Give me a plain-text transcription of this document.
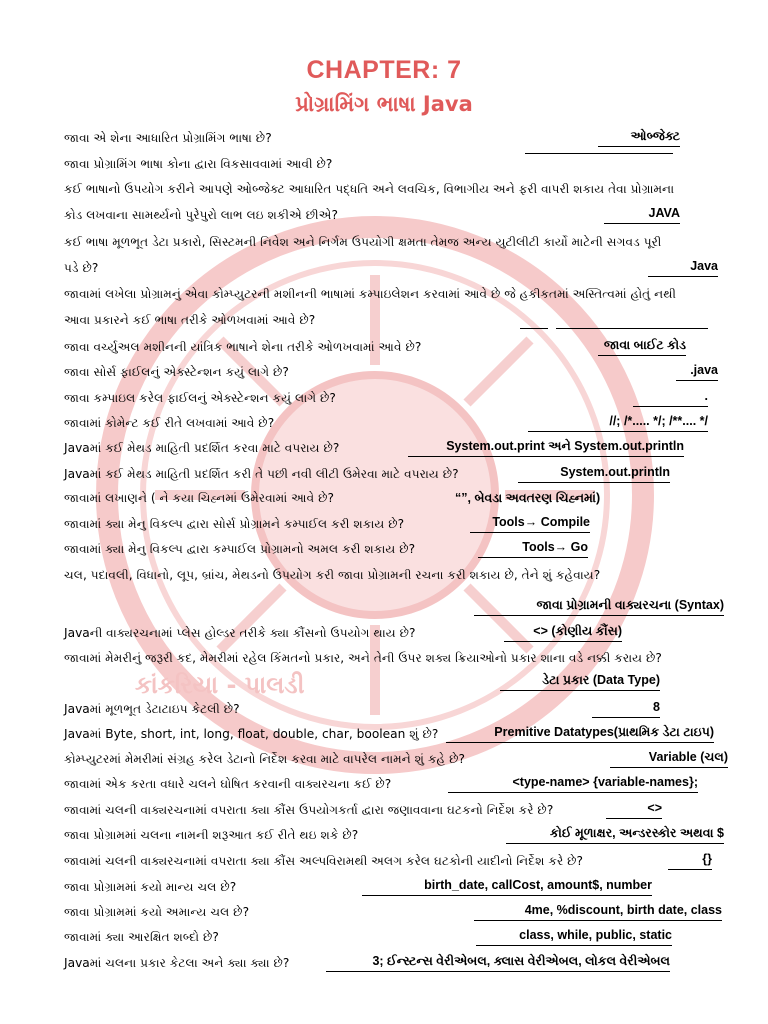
કાંકરિયા - પાલડી
CHAPTER: 7
પ્રોગ્રામિંગ ભાષા Java
જાવા એ શેના આધારિત પ્રોગ્રામિંગ ભાષા છે?	ઓબ્જેક્ટ
જાવા પ્રોગ્રામિંગ ભાષા કોના દ્વારા વિકસાવવામાં આવી છે?
કઈ ભાષાનો ઉપયોગ કરીને આપણે ઓબ્જેક્ટ આધારિત પદ્ધતિ અને લવચિક, વિભાગીય અને ફરી વાપરી શકાય તેવા પ્રોગ્રામના
કોડ લખવાના સામર્થ્યનો પુરેપુરો લાભ લઇ શકીએ છીએ?	JAVA
કઈ ભાષા મૂળભૂત ડેટા પ્રકારો, સિસ્ટમની નિવેશ અને નિર્ગમ ઉપયોગી ક્ષમતા તેમજ અન્ય યુટીલીટી કાર્યો માટેની સગવડ પૂરી
પડે છે?	Java
જાવામાં લખેલા પ્રોગ્રામનું એવા કોમ્પ્યુટરની મશીનની ભાષામાં કમ્પાઇલેશન કરવામાં આવે છે જે હકીકતમાં અસ્તિત્વમાં હોતું નથી
આવા પ્રકારને કઈ ભાષા તરીકે ઓળખવામાં આવે છે?
જાવા વર્ચ્યુઅલ મશીનની યાંત્રિક ભાષાને શેના તરીકે ઓળખવામાં આવે છે?	જાવા બાઈટ કોડ
જાવા સોર્સ ફાઈલનું એક્સ્ટેન્શન કયું લાગે છે?	.java
જાવા કમ્પાઇલ કરેલ ફાઈલનું એક્સ્ટેન્શન કયું લાગે છે?	.
જાવામાં કોમેન્ટ કઈ રીતે લખવામાં આવે છે?	//; /*..... */; /**.... */
Javaમાં કઈ મેથડ માહિતી પ્રદર્શિત કરવા માટે વપરાય છે?	System.out.print અને System.out.println
Javaમાં કઈ મેથડ માહિતી પ્રદર્શિત કરી તે પછી નવી લીટી ઉમેરવા માટે વપરાય છે?	System.out.println
જાવામાં લખાણને ( ને કયા ચિહ્નમાં ઉમેરવામાં આવે છે?	“”, બેવડા અવતરણ ચિહ્નમાં)
જાવામાં ક્યા મેનુ વિકલ્પ દ્વારા સોર્સ પ્રોગ્રામને કમ્પાઈલ કરી શકાય છે?	Tools→ Compile
જાવામાં ક્યા મેનુ વિકલ્પ દ્વારા કમ્પાઈલ પ્રોગ્રામનો અમલ કરી શકાય છે?	Tools→ Go
ચલ, પદાવલી, વિધાનો, લૂપ, બ્રાંચ, મેથડનો ઉપયોગ કરી જાવા પ્રોગ્રામની રચના કરી શકાય છે, તેને શું કહેવાય?
જાવા પ્રોગ્રામની વાક્યરચના (Syntax)
Javaની વાક્યરચનામાં પ્લેસ હોલ્ડર તરીકે ક્યા કૌંસનો ઉપયોગ થાય છે?	<> (કોણીય કૌંસ)
જાવામાં મેમરીનું જરૂરી કદ, મેમરીમાં રહેલ કિંમતનો પ્રકાર, અને તેની ઉપર શક્ય ક્રિયાઓનો પ્રકાર શાના વડે નક્કી કરાય છે?
ડેટા પ્રકાર (Data Type)
Javaમાં મૂળભૂત ડેટાટાઇપ કેટલી છે?	8
Javaમાં Byte, short, int, long, float, double, char, boolean શું છે?	Premitive Datatypes(પ્રાથમિક ડેટા ટાઇપ)
કોમ્પ્યુટરમાં મેમરીમાં સંગ્રહ કરેલ ડેટાનો નિર્દેશ કરવા માટે વાપરેલ નામને શું કહે છે?	Variable (ચલ)
જાવામાં એક કરતા વધારે ચલને ઘોષિત કરવાની વાક્યરચના કઈ છે?	<type-name> {variable-names};
જાવામાં ચલની વાક્યરચનામાં વપરાતા ક્યા કૌંસ ઉપયોગકર્તા દ્વારા જણાવવાના ઘટકનો નિર્દેશ કરે છે?	<>
જાવા પ્રોગ્રામમાં ચલના નામની શરૂઆત કઈ રીતે થઇ શકે છે?	કોઈ મૂળાક્ષર, અન્ડરસ્કોર અથવા $
જાવામાં ચલની વાક્યરચનામાં વપરાતા ક્યા કૌંસ અલ્પવિરામથી અલગ કરેલ ઘટકોની યાદીનો નિર્દેશ કરે છે?	{}
જાવા પ્રોગ્રામમાં કયો માન્ય ચલ છે?	birth_date, callCost, amount$, number
જાવા પ્રોગ્રામમાં કયો અમાન્ય ચલ છે?	4me, %discount, birth date, class
જાવામાં ક્યા આરક્ષિત શબ્દો છે?	class, while, public, static
Javaમાં ચલના પ્રકાર કેટલા અને ક્યા ક્યા છે?	3; ઈન્સ્ટન્સ વેરીએબલ, ક્લાસ વેરીએબલ, લોકલ વેરીએબલ
